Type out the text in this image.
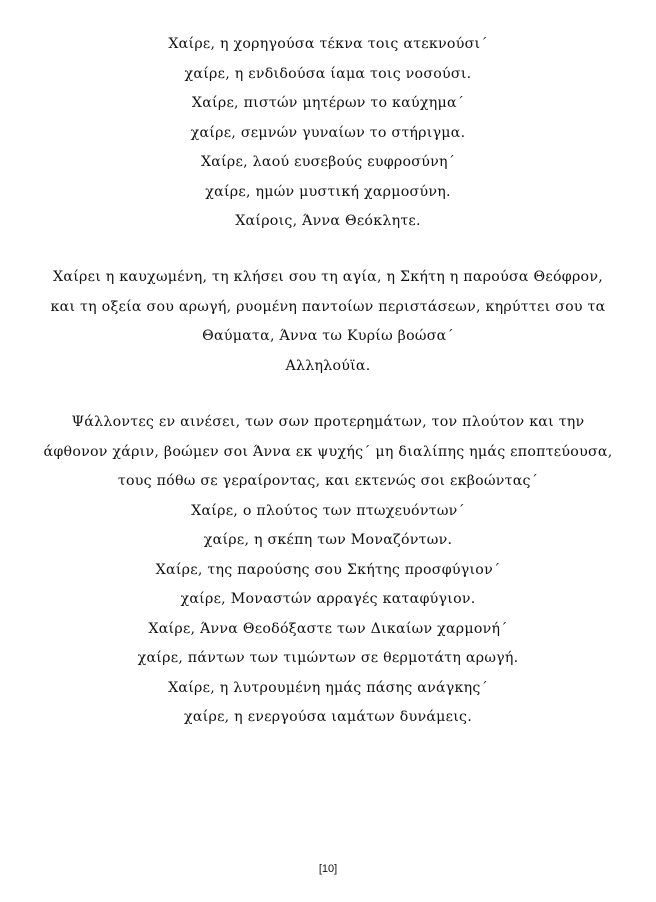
Χαίρε, η χορηγούσα τέκνα τοις ατεκνούσι΄
χαίρε, η ενδιδούσα ίαμα τοις νοσούσι.
Χαίρε, πιστών μητέρων το καύχημα΄
χαίρε, σεμνών γυναίων το στήριγμα.
Χαίρε, λαού ευσεβούς ευφροσύνη΄
χαίρε, ημών μυστική χαρμοσύνη.
Χαίροις, Άννα Θεόκλητε.
Χαίρει η καυχωμένη, τη κλήσει σου τη αγία, η Σκήτη η παρούσα Θεόφρον,
και τη οξεία σου αρωγή, ρυομένη παντοίων περιστάσεων, κηρύττει σου τα
Θαύματα, Άννα τω Κυρίω βοώσα΄
Αλληλούϊα.
Ψάλλοντες εν αινέσει, των σων προτερημάτων, τον πλούτον και την
άφθονον χάριν, βοώμεν σοι Άννα εκ ψυχής΄ μη διαλίπης ημάς εποπτεύουσα,
τους πόθω σε γεραίροντας, και εκτενώς σοι εκβοώντας΄
Χαίρε, ο πλούτος των πτωχευόντων΄
χαίρε, η σκέπη των Μοναζόντων.
Χαίρε, της παρούσης σου Σκήτης προσφύγιον΄
χαίρε, Μοναστών αρραγές καταφύγιον.
Χαίρε, Άννα Θεοδόξαστε των Δικαίων χαρμονή΄
χαίρε, πάντων των τιμώντων σε θερμοτάτη αρωγή.
Χαίρε, η λυτρουμένη ημάς πάσης ανάγκης΄
χαίρε, η ενεργούσα ιαμάτων δυνάμεις.
[10]
